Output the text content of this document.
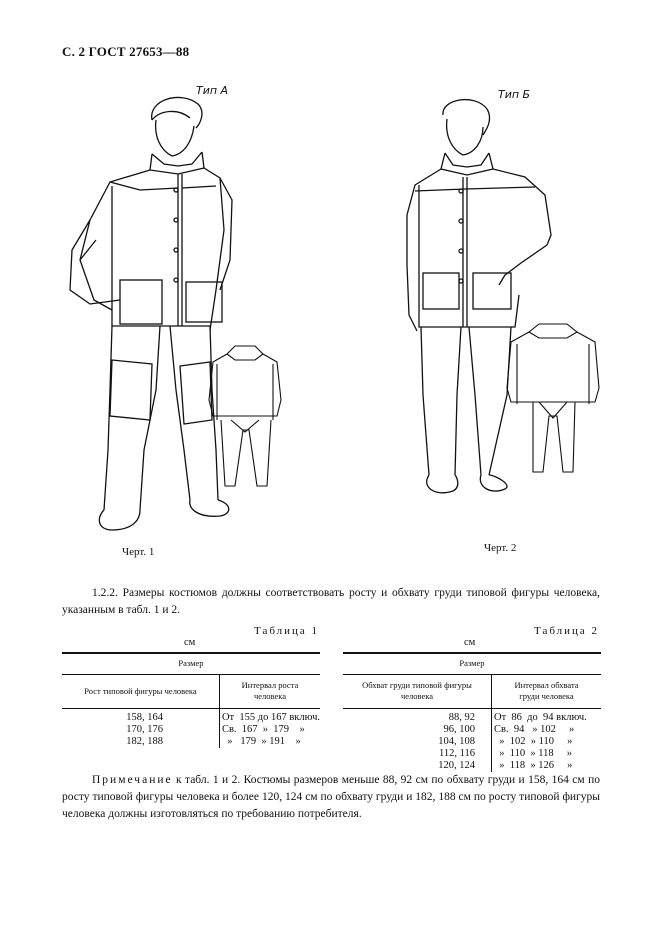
С. 2 ГОСТ 27653—88
Тип А
Черт. 1
Тип Б
Черт. 2
1.2.2. Размеры костюмов должны соответствовать росту и обхвату груди типовой фигуры человека, указанным в табл. 1 и 2.
Таблица 1
см
Таблица 2
см
Размер	
Рост типовой фигуры человека	Интервал роста человека

158, 164	От  155 до 167 включ.
170, 176	Св.  167  »  179    »
182, 188	»   179  » 191    »
Размер	
Обхват груди типовой фигуры человека	Интервал обхвата груди человека

88, 92	От  86  до  94 включ.
96, 100	Св.  94   » 102     »
104, 108	»  102  » 110     »
112, 116	»  110  » 118     »
120, 124	»  118  » 126     »
Примечание к табл. 1 и 2. Костюмы размеров меньше 88, 92 см по обхвату груди и 158, 164 см по росту типовой фигуры человека и более 120, 124 см по обхвату груди и 182, 188 см по росту типовой фигуры человека должны изготовляться по требованию потребителя.
